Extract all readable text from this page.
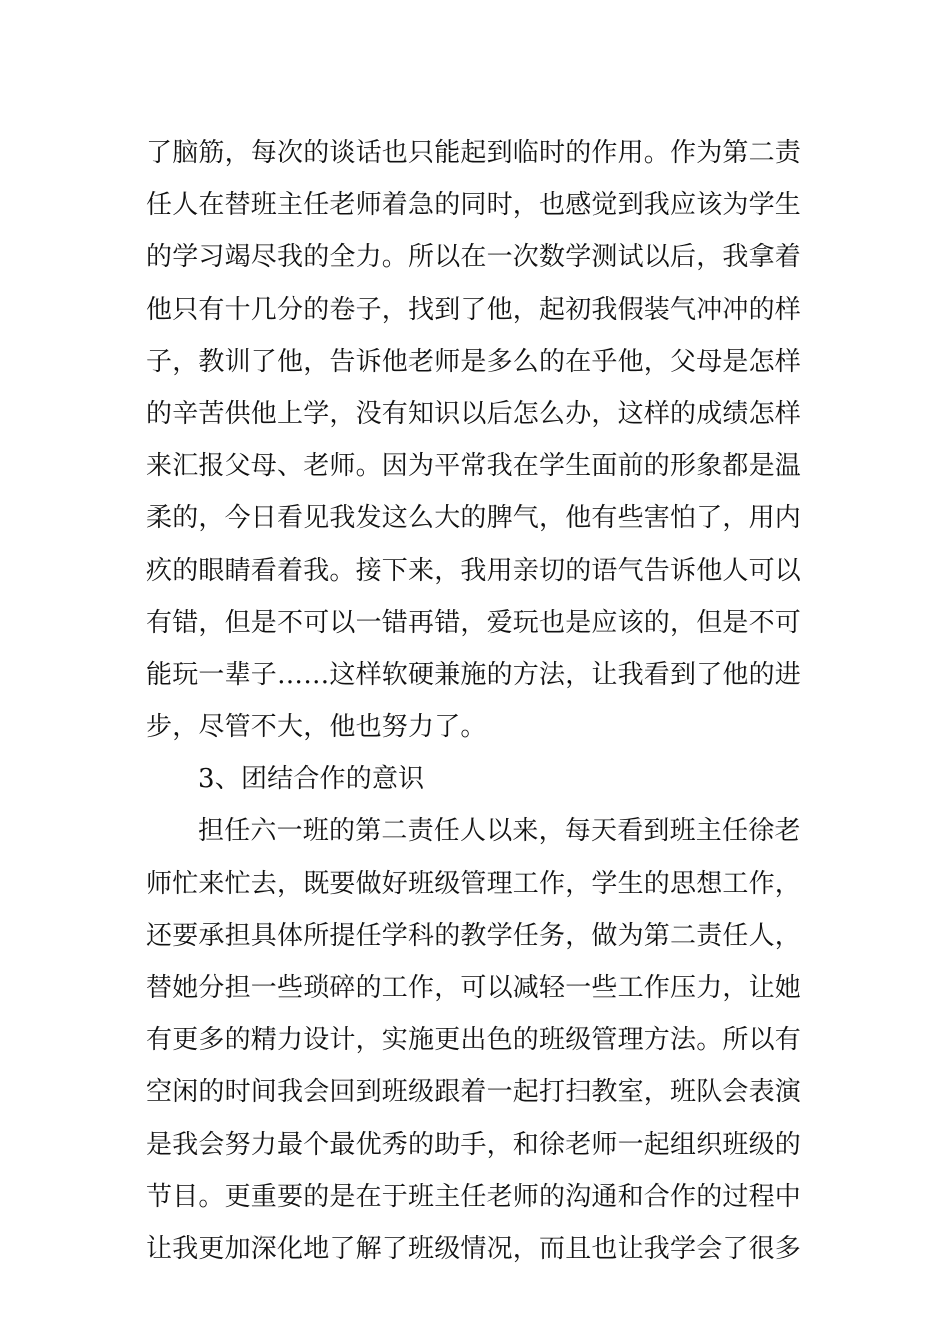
了脑筋，每次的谈话也只能起到临时的作用。作为第二责
任人在替班主任老师着急的同时，也感觉到我应该为学生
的学习竭尽我的全力。所以在一次数学测试以后，我拿着
他只有十几分的卷子，找到了他，起初我假装气冲冲的样
子，教训了他，告诉他老师是多么的在乎他，父母是怎样
的辛苦供他上学，没有知识以后怎么办，这样的成绩怎样
来汇报父母、老师。因为平常我在学生面前的形象都是温
柔的，今日看见我发这么大的脾气，他有些害怕了，用内
疚的眼睛看着我。接下来，我用亲切的语气告诉他人可以
有错，但是不可以一错再错，爱玩也是应该的，但是不可
能玩一辈子……这样软硬兼施的方法，让我看到了他的进
步，尽管不大，他也努力了。
3、团结合作的意识
担任六一班的第二责任人以来，每天看到班主任徐老
师忙来忙去，既要做好班级管理工作，学生的思想工作，
还要承担具体所提任学科的教学任务，做为第二责任人，
替她分担一些琐碎的工作，可以减轻一些工作压力，让她
有更多的精力设计，实施更出色的班级管理方法。所以有
空闲的时间我会回到班级跟着一起打扫教室，班队会表演
是我会努力最个最优秀的助手，和徐老师一起组织班级的
节目。更重要的是在于班主任老师的沟通和合作的过程中
让我更加深化地了解了班级情况，而且也让我学会了很多
